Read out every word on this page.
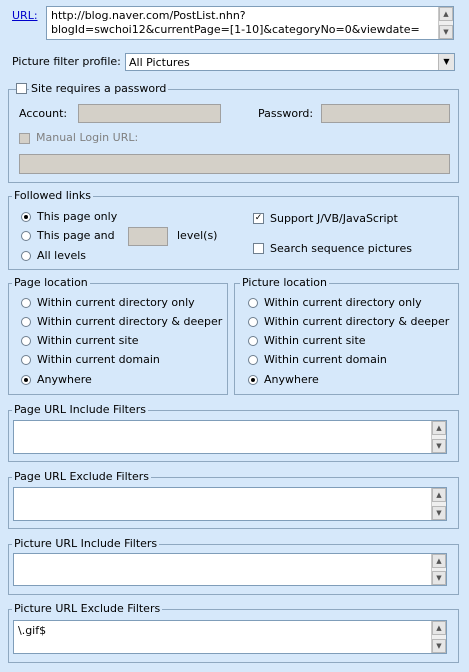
URL: http://blog.naver.com/PostList.nhn?
blogId=swchoi12&currentPage=[1-10]&categoryNo=0&viewdate=
▲
▼
Picture filter profile: All Pictures	▼
Site requires a password
Account:	Password:
Manual Login URL:
Followed links
This page only
This page and	level(s)
All levels
✓ Support J/VB/JavaScript
Search sequence pictures
Page location
Within current directory only
Within current directory & deeper
Within current site
Within current domain
Anywhere
Picture location
Within current directory only
Within current directory & deeper
Within current site
Within current domain
Anywhere
Page URL Include Filters
▲
▼
Page URL Exclude Filters
▲
▼
Picture URL Include Filters
▲
▼
Picture URL Exclude Filters
\.gif$	▲
▼
